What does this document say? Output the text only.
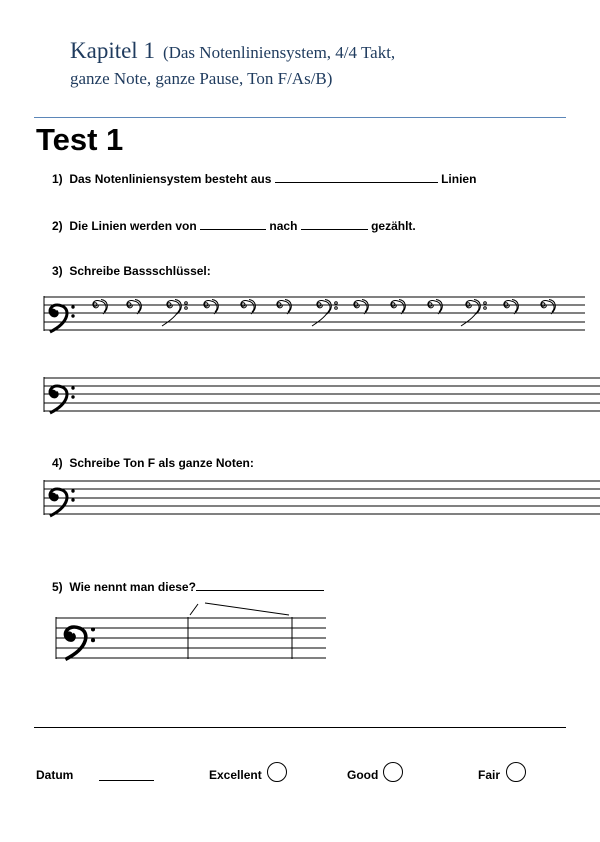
Kapitel 1 (Das Notenliniensystem, 4/4 Takt,
ganze Note, ganze Pause, Ton F/As/B)
Test 1
1) Das Notenliniensystem besteht aus	Linien
2) Die Linien werden von	nach	gezählt.
3) Schreibe Bassschlüssel:
4) Schreibe Ton F als ganze Noten:
5) Wie nennt man diese?
Datum	Excellent	Good	Fair
